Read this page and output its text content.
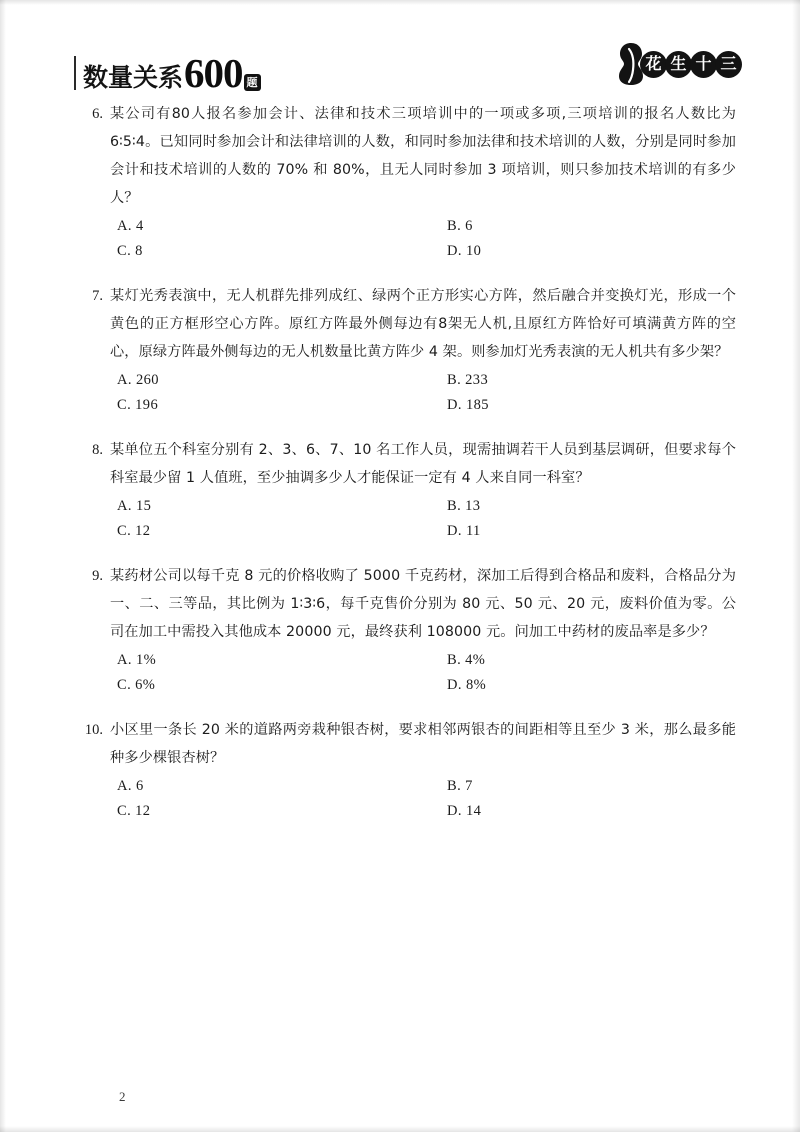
数量关系 600 题
花 生 十 三
6. 某公司有80人报名参加会计、法律和技术三项培训中的一项或多项,三项培训的报名人数比为6∶5∶4。已知同时参加会计和法律培训的人数，和同时参加法律和技术培训的人数，分别是同时参加会计和技术培训的人数的 70% 和 80%，且无人同时参加 3 项培训，则只参加技术培训的有多少人？
A. 4	B. 6
C. 8	D. 10
7. 某灯光秀表演中，无人机群先排列成红、绿两个正方形实心方阵，然后融合并变换灯光，形成一个黄色的正方框形空心方阵。原红方阵最外侧每边有8架无人机,且原红方阵恰好可填满黄方阵的空心，原绿方阵最外侧每边的无人机数量比黄方阵少 4 架。则参加灯光秀表演的无人机共有多少架？
A. 260	B. 233
C. 196	D. 185
8. 某单位五个科室分别有 2、3、6、7、10 名工作人员，现需抽调若干人员到基层调研，但要求每个科室最少留 1 人值班，至少抽调多少人才能保证一定有 4 人来自同一科室？
A. 15	B. 13
C. 12	D. 11
9. 某药材公司以每千克 8 元的价格收购了 5000 千克药材，深加工后得到合格品和废料，合格品分为一、二、三等品，其比例为 1∶3∶6，每千克售价分别为 80 元、50 元、20 元，废料价值为零。公司在加工中需投入其他成本 20000 元，最终获利 108000 元。问加工中药材的废品率是多少？
A. 1%	B. 4%
C. 6%	D. 8%
10. 小区里一条长 20 米的道路两旁栽种银杏树，要求相邻两银杏的间距相等且至少 3 米，那么最多能种多少棵银杏树？
A. 6	B. 7
C. 12	D. 14
2
